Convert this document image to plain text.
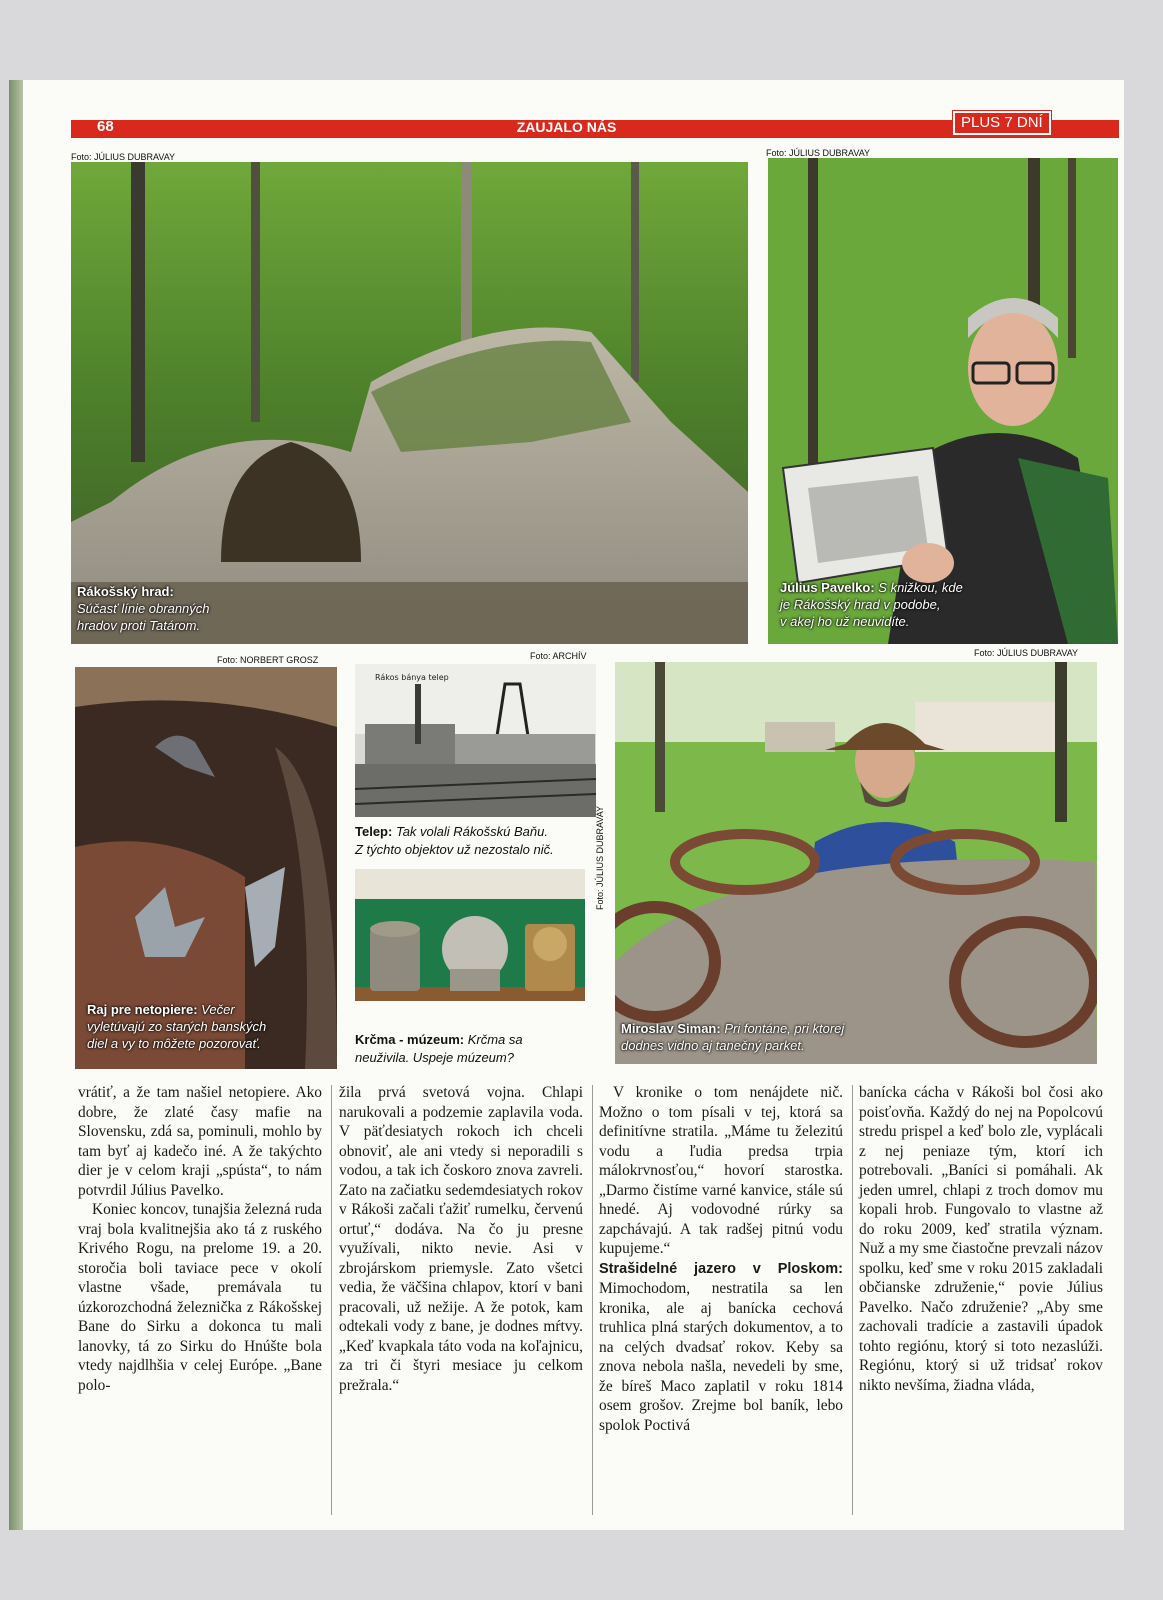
68	ZAUJALO NÁS	PLUS 7 DNÍ
Foto: JÚLIUS DUBRAVAY
Rákošský hrad:
Súčasť línie obranných
hradov proti Tatárom.
Foto: JÚLIUS DUBRAVAY
Július Pavelko: S knižkou, kde
je Rákošský hrad v podobe,
v akej ho už neuvidíte.
Foto: NORBERT GROSZ
Raj pre netopiere: Večer
vyletúvajú zo starých banských
diel a vy to môžete pozorovať.
Foto: ARCHÍV
Rákos bánya telep
Telep: Tak volali Rákošskú Baňu.
Z týchto objektov už nezostalo nič.	Foto: JÚLIUS DUBRAVAY
Krčma - múzeum: Krčma sa
neuživila. Uspeje múzeum?
Foto: JÚLIUS DUBRAVAY
Miroslav Siman: Pri fontáne, pri ktorej
dodnes vidno aj tanečný parket.

vrátiť, a že tam našiel netopiere. Ako dobre, že zlaté časy mafie na Slovensku, zdá sa, pominuli, mohlo by tam byť aj kadečo iné. A že takýchto dier je v celom kraji „spústa“, to nám potvrdil Július Pavelko.

Koniec koncov, tunajšia železná ruda vraj bola kvalitnejšia ako tá z ruského Krivého Rogu, na prelome 19. a 20. storočia boli taviace pece v okolí vlastne všade, premávala tu úzkorozchodná železnička z Rákošskej Bane do Sirku a dokonca tu mali lanovky, tá zo Sirku do Hnúšte bola vtedy najdlhšia v celej Európe. „Bane polo-

žila prvá svetová vojna. Chlapi narukovali a podzemie zaplavila voda. V päťdesiatych rokoch ich chceli obnoviť, ale ani vtedy si neporadili s vodou, a tak ich čoskoro znova zavreli. Zato na začiatku sedemdesiatych rokov v Rákoši začali ťažiť rumelku, červenú ortuť,“ dodáva. Na čo ju presne využívali, nikto nevie. Asi v zbrojárskom priemysle. Zato všetci vedia, že väčšina chlapov, ktorí v bani pracovali, už nežije. A že potok, kam odtekali vody z bane, je dodnes mŕtvy. „Keď kvapkala táto voda na koľajnicu, za tri či štyri mesiace ju celkom prežrala.“

V kronike o tom nenájdete nič. Možno o tom písali v tej, ktorá sa definitívne stratila. „Máme tu železitú vodu a ľudia predsa trpia málokrvnosťou,“ hovorí starostka. „Darmo čistíme varné kanvice, stále sú hnedé. Aj vodovodné rúrky sa zapchávajú. A tak radšej pitnú vodu kupujeme.“

Strašidelné jazero v Ploskom: Mimochodom, nestratila sa len kronika, ale aj banícka cechová truhlica plná starých dokumentov, a to na celých dvadsať rokov. Keby sa znova nebola našla, nevedeli by sme, že bíreš Maco zaplatil v roku 1814 osem grošov. Zrejme bol baník, lebo spolok Poctivá

banícka cácha v Rákoši bol čosi ako poisťovňa. Každý do nej na Popolcovú stredu prispel a keď bolo zle, vyplácali z nej peniaze tým, ktorí ich potrebovali. „Baníci si pomáhali. Ak jeden umrel, chlapi z troch domov mu kopali hrob. Fungovalo to vlastne až do roku 2009, keď stratila význam. Nuž a my sme čiastočne prevzali názov spolku, keď sme v roku 2015 zakladali občianske združenie,“ povie Július Pavelko. Načo združenie? „Aby sme zachovali tradície a zastavili úpadok tohto regiónu, ktorý si toto nezaslúži. Regiónu, ktorý si už tridsať rokov nikto nevšíma, žiadna vláda,
